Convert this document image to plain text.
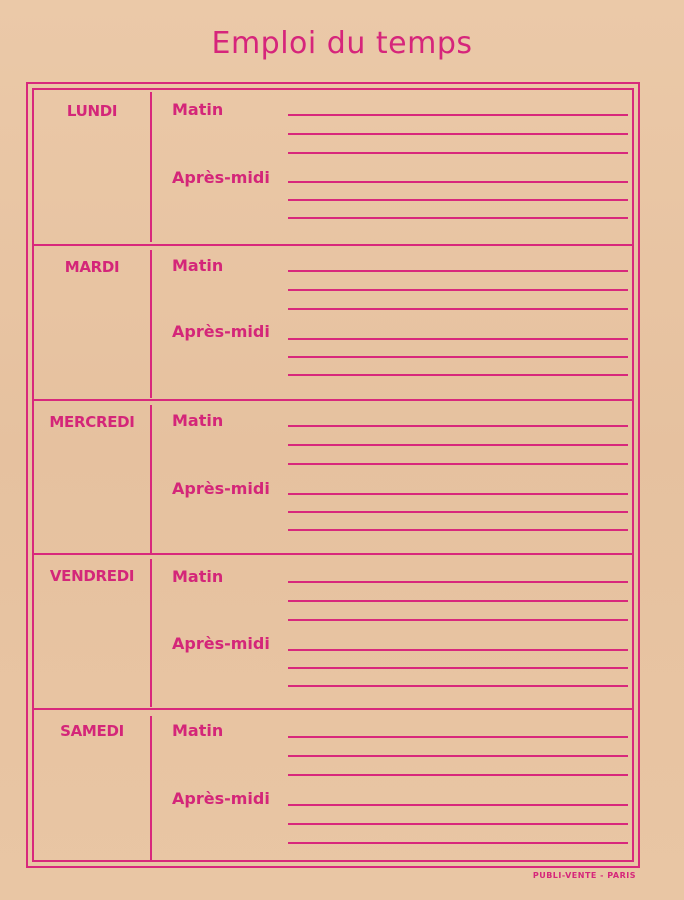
Emploi du temps
LUNDI	Matin
Après-midi
MARDI	Matin
Après-midi
MERCREDI	Matin
Après-midi
VENDREDI	Matin
Après-midi
SAMEDI	Matin
Après-midi
PUBLI-VENTE - PARIS
